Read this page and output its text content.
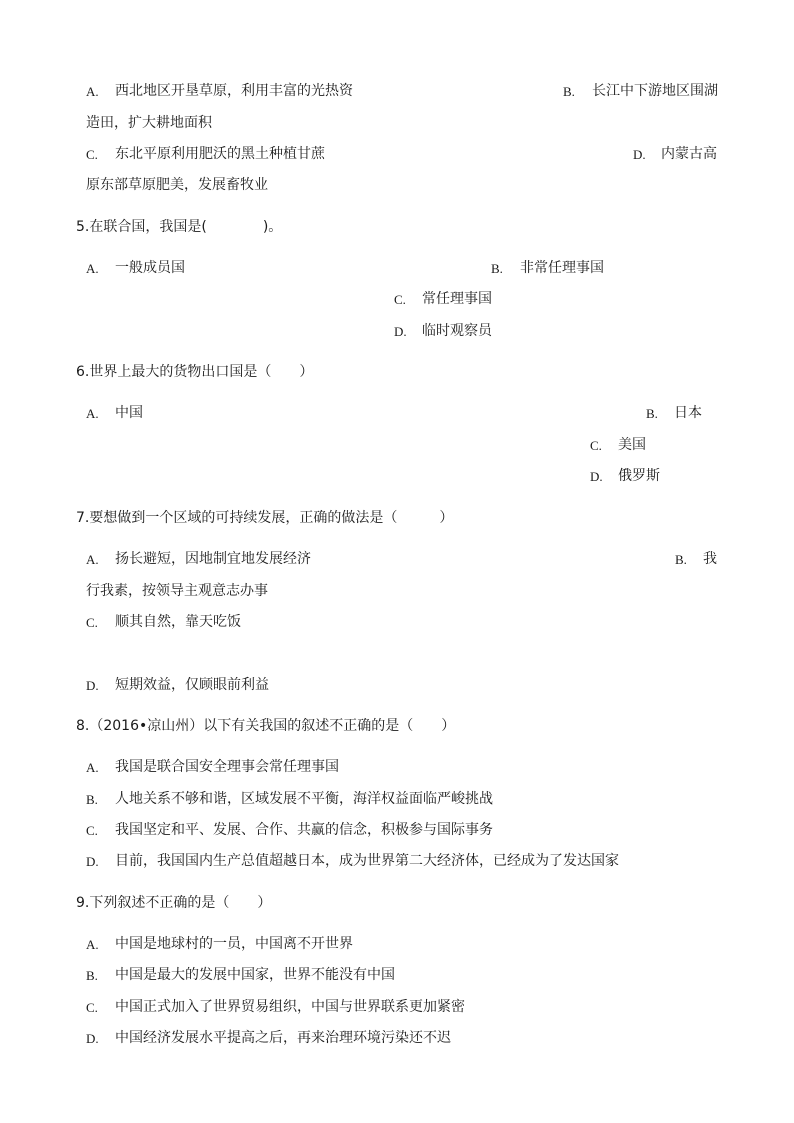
A. 西北地区开垦草原，利用丰富的光热资	B. 长江中下游地区围湖
造田，扩大耕地面积
C. 东北平原利用肥沃的黑土种植甘蔗	D. 内蒙古高
原东部草原肥美，发展畜牧业
5.在联合国，我国是(　　　　)。
A. 一般成员国	B. 非常任理事国
C. 常任理事国
D. 临时观察员
6.世界上最大的货物出口国是（　　）
A. 中国	B. 日本
C. 美国
D. 俄罗斯
7.要想做到一个区域的可持续发展，正确的做法是（　　　）
A. 扬长避短，因地制宜地发展经济	B. 我
行我素，按领导主观意志办事
C. 顺其自然，靠天吃饭
D. 短期效益，仅顾眼前利益
8.（2016•凉山州）以下有关我国的叙述不正确的是（　　）
A. 我国是联合国安全理事会常任理事国
B. 人地关系不够和谐，区域发展不平衡，海洋权益面临严峻挑战
C. 我国坚定和平、发展、合作、共赢的信念，积极参与国际事务
D. 目前，我国国内生产总值超越日本，成为世界第二大经济体，已经成为了发达国家
9.下列叙述不正确的是（　　）
A. 中国是地球村的一员，中国离不开世界
B. 中国是最大的发展中国家，世界不能没有中国
C. 中国正式加入了世界贸易组织，中国与世界联系更加紧密
D. 中国经济发展水平提高之后，再来治理环境污染还不迟
